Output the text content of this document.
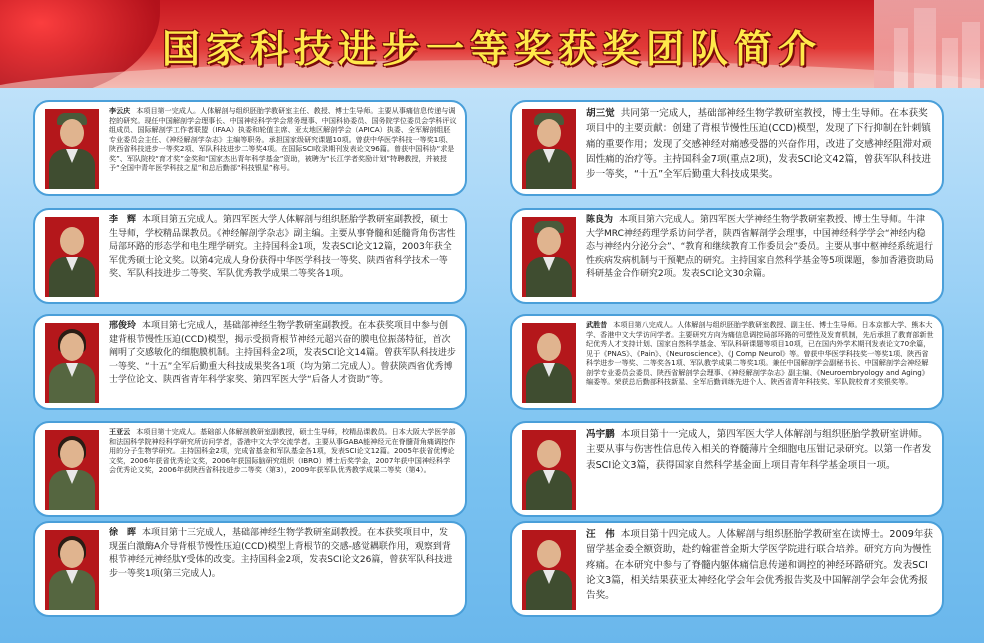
国家科技进步一等奖获奖团队简介
李云庆 本项目第一完成人。人体解剖与组织胚胎学教研室主任、教授、博士生导师。主要从事痛信息传递与调控的研究。现任中国解剖学会理事长、中国神经科学学会常务理事、中国科协委员、国务院学位委员会学科评议组成员、国际解剖学工作者联盟（IFAA）执委和轮值主席、亚太地区解剖学会（APICA）执委、全军解剖组胚专业委员会主任、《神经解剖学杂志》主编等职务。承担国家级研究课题10项。曾获中华医学科技一等奖1项、陕西省科技进步一等奖2项、军队科技进步二等奖4项。在国际SCI收录期刊发表论文96篇。曾获中国科协“求是奖”、军队院校“育才奖”金奖和“国家杰出青年科学基金”资助，被聘为“长江学者奖励计划”特聘教授，并被授予“全国中青年医学科技之星”和总后勤部“科技银星”称号。
胡三觉 共同第一完成人，基础部神经生物学教研室教授，博士生导师。在本获奖项目中的主要贡献：创建了背根节慢性压迫(CCD)模型，发现了下行抑制在针刺镇痛的重要作用；发现了交感神经对痛感受器的兴奋作用，改进了交感神经阻滞对顽固性痛的治疗等。主持国科金7项(重点2项)，发表SCI论文42篇，曾获军队科技进步一等奖，“十五”全军后勤重大科技成果奖。
李　辉 本项目第五完成人。第四军医大学人体解剖与组织胚胎学教研室副教授，硕士生导师，学校精品课教员。《神经解剖学杂志》副主编。主要从事脊髓和延髓背角伤害性局部环路的形态学和电生理学研究。主持国科金1项，发表SCI论文12篇，2003年获全军优秀硕士论文奖。以第4完成人身份获得中华医学科技一等奖、陕西省科学技术一等奖、军队科技进步二等奖、军队优秀教学成果二等奖各1项。
陈良为 本项目第六完成人。第四军医大学神经生物学教研室教授、博士生导师。牛津大学MRC神经药理学系访问学者，陕西省解剖学会理事，中国神经科学学会“神经内稳态与神经内分泌分会”、“教育和继续教育工作委员会”委员。主要从事中枢神经系统退行性疾病发病机制与干预靶点的研究。主持国家自然科学基金等5项课题，参加香港资助局科研基金合作研究2项。发表SCI论文30余篇。
邢俊玲 本项目第七完成人，基础部神经生物学教研室副教授。在本获奖项目中参与创建背根节慢性压迫(CCD)模型，揭示受损背根节神经元超兴奋的膜电位振荡特征，首次阐明了交感敏化的细胞膜机制。主持国科金2项，发表SCI论文14篇。曾获军队科技进步一等奖、“十五”全军后勤重大科技成果奖各1项（均为第二完成人）。曾获陕西省优秀博士学位论文、陕西省青年科学家奖、第四军医大学“后备人才资助”等。
武胜昔 本项目第八完成人。人体解剖与组织胚胎学教研室教授、副主任、博士生导师。日本京都大学、熊本大学、香港中文大学访问学者。主要研究方向为痛信息调控局部环路的可塑性及发育机制，先后承担了教育部新世纪优秀人才支持计划、国家自然科学基金、军队科研课题等项目10项，已在国内外学术期刊发表论文70余篇，见于《PNAS》、《Pain》、《Neuroscience》、《J Comp Neurol》等。曾获中华医学科技奖一等奖1项、陕西省科学进步一等奖、二等奖各1项、军队教学成果二等奖1项。兼任中国解剖学会副秘书长、中国解剖学会神经解剖学专业委员会委员、陕西省解剖学会理事、《神经解剖学杂志》副主编、《Neuroembryology and Aging》编委等。荣获总后勤部科技新星、全军后勤训练先进个人、陕西省青年科技奖、军队院校育才奖银奖等。
王亚云 本项目第十完成人。基础部人体解剖教研室副教授，硕士生导师，校精品课教员。日本大阪大学医学部和法国科学院神经科学研究所访问学者，香港中文大学交流学者。主要从事GABA能神经元在脊髓背角痛调控作用的分子生物学研究。主持国科金2项，完成省基金和军队基金各1项，发表SCI论文12篇。2005年获省优博论文奖，2006年获省优秀论文奖，2006年获国际脑研究组织（IBRO）博士后奖学金，2007年获中国神经科学会优秀论文奖，2006年获陕西省科技进步二等奖（第3），2009年获军队优秀教学成果二等奖（第4）。
冯宇鹏 本项目第十一完成人，第四军医大学人体解剖与组织胚胎学教研室讲师。主要从事与伤害性信息传入相关的脊髓薄片全细胞电压钳记录研究。以第一作者发表SCI论文3篇，获得国家自然科学基金面上项目青年科学基金项目一项。
徐　晖 本项目第十三完成人，基础部神经生物学教研室副教授。在本获奖项目中，发现蛋白激酶A介导背根节慢性压迫(CCD)模型上背根节的交感-感觉耦联作用，观察到背根节神经元神经肽Y受体的改变。主持国科金2项，发表SCI论文26篇，曾获军队科技进步一等奖1项(第三完成人)。
汪　伟 本项目第十四完成人。人体解剖与组织胚胎学教研室在读博士。2009年获留学基金委全额资助，赴约翰霍普金斯大学医学院进行联合培养。研究方向为慢性疼痛。在本研究中参与了脊髓内躯体痛信息传递和调控的神经环路研究。发表SCI论文3篇，相关结果获亚太神经化学会年会优秀报告奖及中国解剖学会年会优秀报告奖。
